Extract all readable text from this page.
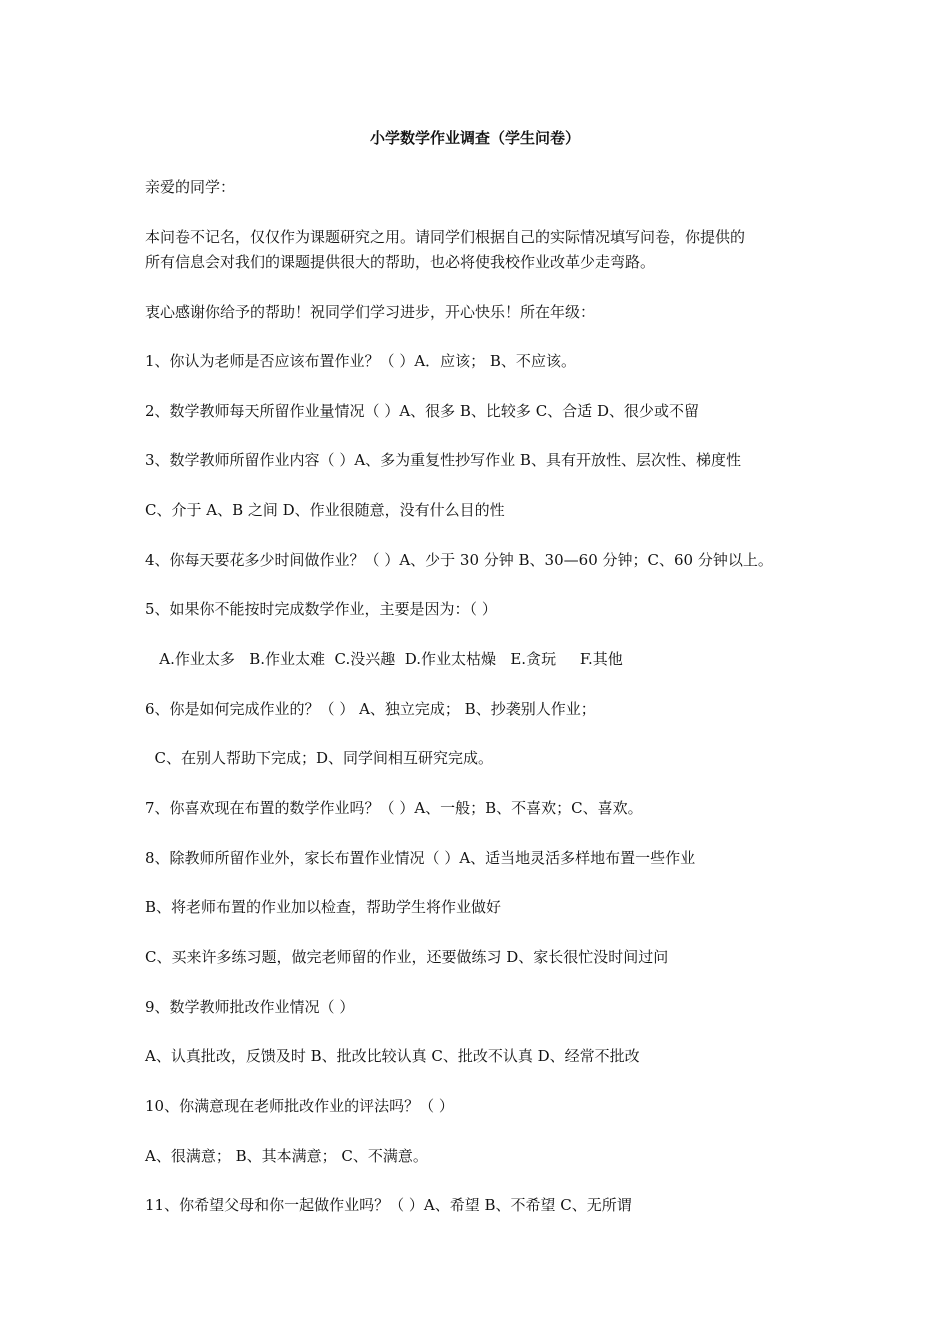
小学数学作业调查（学生问卷）
亲爱的同学：
本问卷不记名，仅仅作为课题研究之用。请同学们根据自己的实际情况填写问卷，你提供的
所有信息会对我们的课题提供很大的帮助，也必将使我校作业改革少走弯路。
衷心感谢你给予的帮助！祝同学们学习进步，开心快乐！所在年级：
1、你认为老师是否应该布置作业？（ ）A．应该； B、不应该。
2、数学教师每天所留作业量情况（ ）A、很多 B、比较多 C、合适 D、很少或不留
3、数学教师所留作业内容（ ）A、多为重复性抄写作业 B、具有开放性、层次性、梯度性
C、介于 A、B 之间 D、作业很随意，没有什么目的性
4、你每天要花多少时间做作业？（ ）A、少于 30 分钟 B、30—60 分钟；C、60 分钟以上。
5、如果你不能按时完成数学作业，主要是因为：（ ）
A.作业太多   B.作业太难  C.没兴趣  D.作业太枯燥   E.贪玩     F.其他
6、你是如何完成作业的？（ ） A、独立完成； B、抄袭别人作业；
C、在别人帮助下完成；D、同学间相互研究完成。
7、你喜欢现在布置的数学作业吗？（ ）A、一般；B、不喜欢；C、喜欢。
8、除教师所留作业外，家长布置作业情况（ ）A、适当地灵活多样地布置一些作业
B、将老师布置的作业加以检查，帮助学生将作业做好
C、买来许多练习题，做完老师留的作业，还要做练习 D、家长很忙没时间过问
9、数学教师批改作业情况（ ）
A、认真批改，反馈及时 B、批改比较认真 C、批改不认真 D、经常不批改
10、你满意现在老师批改作业的评法吗？（ ）
A、很满意； B、其本满意； C、不满意。
11、你希望父母和你一起做作业吗？（ ）A、希望 B、不希望 C、无所谓
